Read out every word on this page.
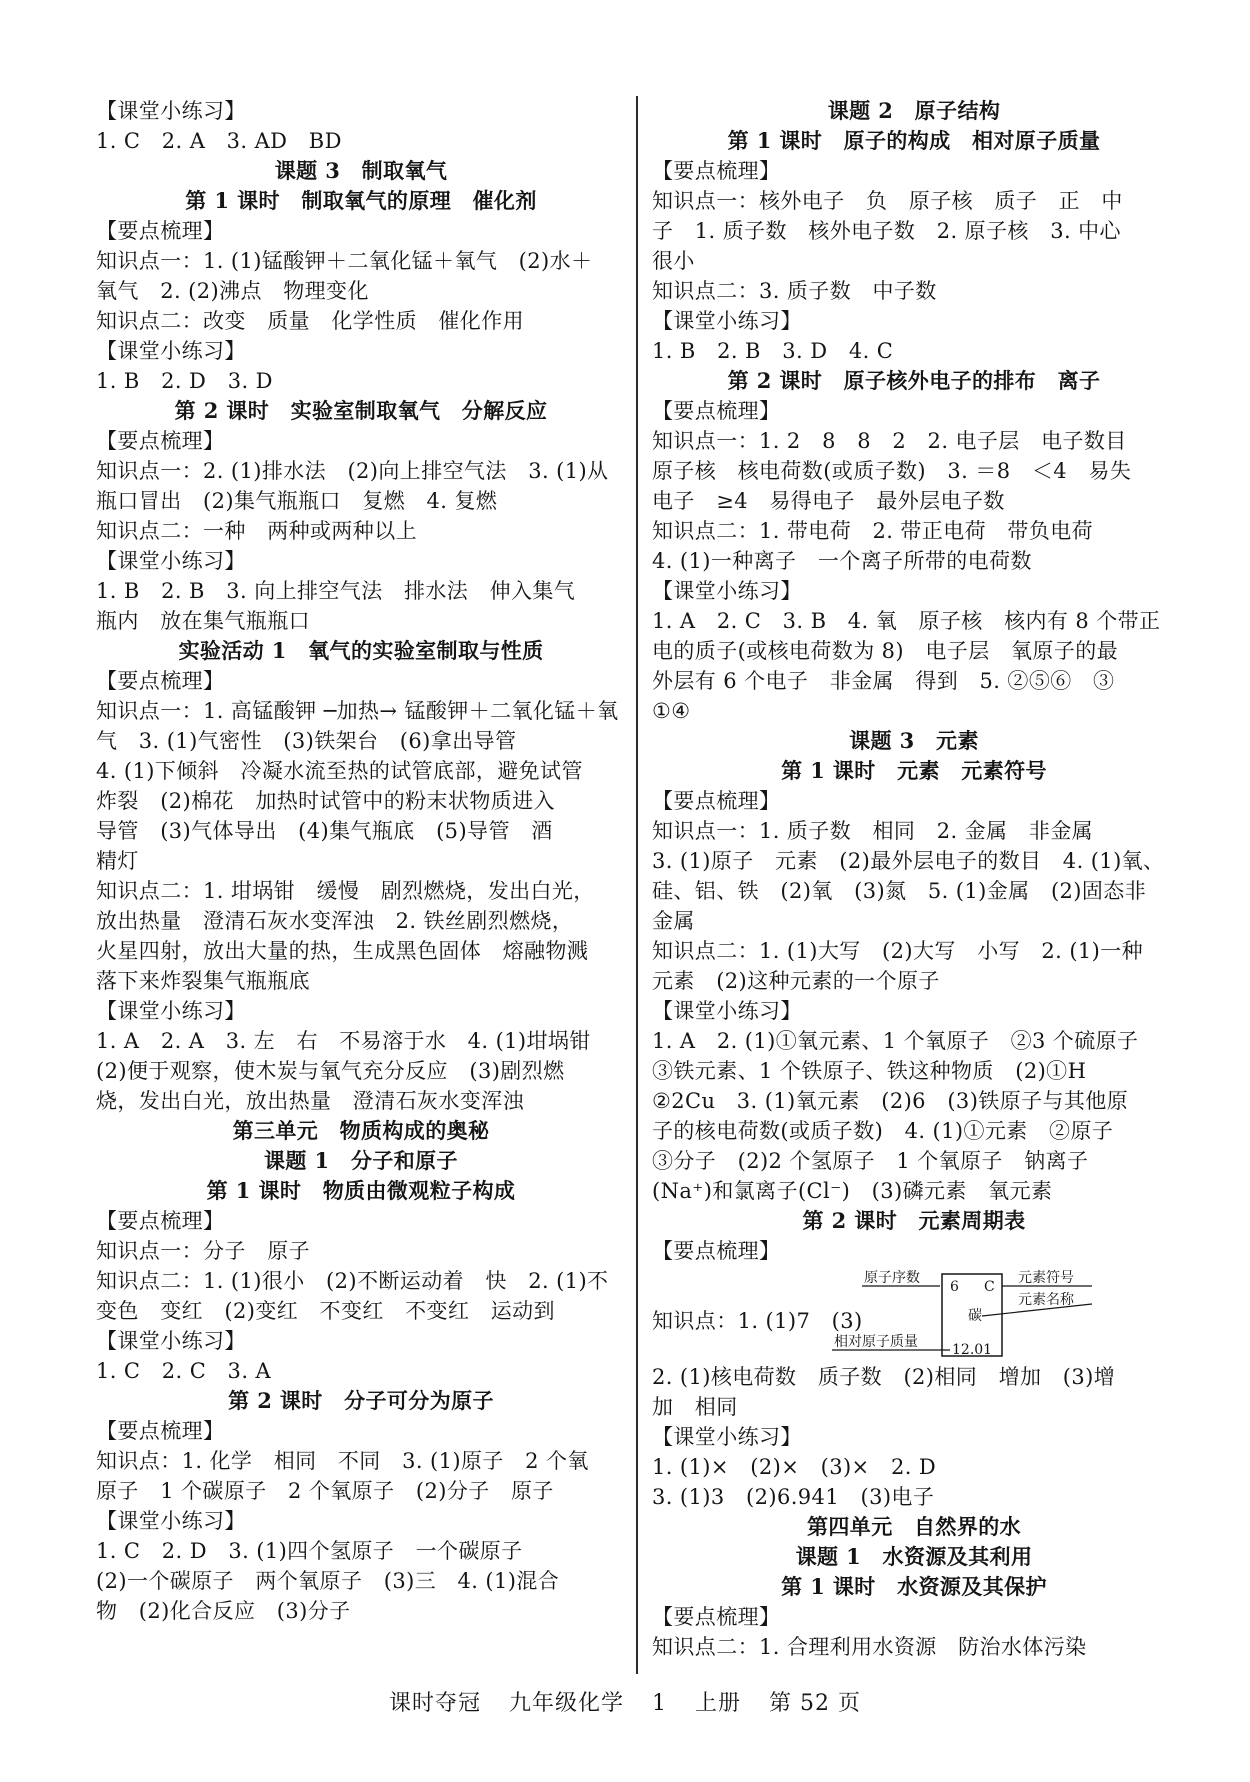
【课堂小练习】
1. C　2. A　3. AD　BD
课题 3　制取氧气
第 1 课时　制取氧气的原理　催化剂
【要点梳理】
知识点一：1. (1)锰酸钾＋二氧化锰＋氧气　(2)水＋
氧气　2. (2)沸点　物理变化
知识点二：改变　质量　化学性质　催化作用
【课堂小练习】
1. B　2. D　3. D
第 2 课时　实验室制取氧气　分解反应
【要点梳理】
知识点一：2. (1)排水法　(2)向上排空气法　3. (1)从
瓶口冒出　(2)集气瓶瓶口　复燃　4. 复燃
知识点二：一种　两种或两种以上
【课堂小练习】
1. B　2. B　3. 向上排空气法　排水法　伸入集气
瓶内　放在集气瓶瓶口
实验活动 1　氧气的实验室制取与性质
【要点梳理】
知识点一：1. 高锰酸钾 ─加热→ 锰酸钾＋二氧化锰＋氧
气　3. (1)气密性　(3)铁架台　(6)拿出导管
4. (1)下倾斜　冷凝水流至热的试管底部，避免试管
炸裂　(2)棉花　加热时试管中的粉末状物质进入
导管　(3)气体导出　(4)集气瓶底　(5)导管　酒
精灯
知识点二：1. 坩埚钳　缓慢　剧烈燃烧，发出白光，
放出热量　澄清石灰水变浑浊　2. 铁丝剧烈燃烧，
火星四射，放出大量的热，生成黑色固体　熔融物溅
落下来炸裂集气瓶瓶底
【课堂小练习】
1. A　2. A　3. 左　右　不易溶于水　4. (1)坩埚钳
(2)便于观察，使木炭与氧气充分反应　(3)剧烈燃
烧，发出白光，放出热量　澄清石灰水变浑浊
第三单元　物质构成的奥秘
课题 1　分子和原子
第 1 课时　物质由微观粒子构成
【要点梳理】
知识点一：分子　原子
知识点二：1. (1)很小　(2)不断运动着　快　2. (1)不
变色　变红　(2)变红　不变红　不变红　运动到
【课堂小练习】
1. C　2. C　3. A
第 2 课时　分子可分为原子
【要点梳理】
知识点：1. 化学　相同　不同　3. (1)原子　2 个氧
原子　1 个碳原子　2 个氧原子　(2)分子　原子
【课堂小练习】
1. C　2. D　3. (1)四个氢原子　一个碳原子
(2)一个碳原子　两个氧原子　(3)三　4. (1)混合
物　(2)化合反应　(3)分子
课题 2　原子结构
第 1 课时　原子的构成　相对原子质量
【要点梳理】
知识点一：核外电子　负　原子核　质子　正　中
子　1. 质子数　核外电子数　2. 原子核　3. 中心
很小
知识点二：3. 质子数　中子数
【课堂小练习】
1. B　2. B　3. D　4. C
第 2 课时　原子核外电子的排布　离子
【要点梳理】
知识点一：1. 2　8　8　2　2. 电子层　电子数目
原子核　核电荷数(或质子数)　3. ＝8　＜4　易失
电子　≥4　易得电子　最外层电子数
知识点二：1. 带电荷　2. 带正电荷　带负电荷
4. (1)一种离子　一个离子所带的电荷数
【课堂小练习】
1. A　2. C　3. B　4. 氧　原子核　核内有 8 个带正
电的质子(或核电荷数为 8)　电子层　氧原子的最
外层有 6 个电子　非金属　得到　5. ②⑤⑥　③
①④
课题 3　元素
第 1 课时　元素　元素符号
【要点梳理】
知识点一：1. 质子数　相同　2. 金属　非金属
3. (1)原子　元素　(2)最外层电子的数目　4. (1)氧、
硅、铝、铁　(2)氧　(3)氮　5. (1)金属　(2)固态非
金属
知识点二：1. (1)大写　(2)大写　小写　2. (1)一种
元素　(2)这种元素的一个原子
【课堂小练习】
1. A　2. (1)①氧元素、1 个氧原子　②3 个硫原子
③铁元素、1 个铁原子、铁这种物质　(2)①H
②2Cu　3. (1)氧元素　(2)6　(3)铁原子与其他原
子的核电荷数(或质子数)　4. (1)①元素　②原子
③分子　(2)2 个氢原子　1 个氧原子　钠离子
(Na⁺)和氯离子(Cl⁻)　(3)磷元素　氧元素
第 2 课时　元素周期表
【要点梳理】
知识点：1. (1)7　(3)
原子序数
6 C
元素符号
碳
元素名称
相对原子质量 12.01
2. (1)核电荷数　质子数　(2)相同　增加　(3)增
加　相同
【课堂小练习】
1. (1)×　(2)×　(3)×　2. D
3. (1)3　(2)6.941　(3)电子
第四单元　自然界的水
课题 1　水资源及其利用
第 1 课时　水资源及其保护
【要点梳理】
知识点二：1. 合理利用水资源　防治水体污染
课时夺冠 九年级化学 1 上册 第 52 页
